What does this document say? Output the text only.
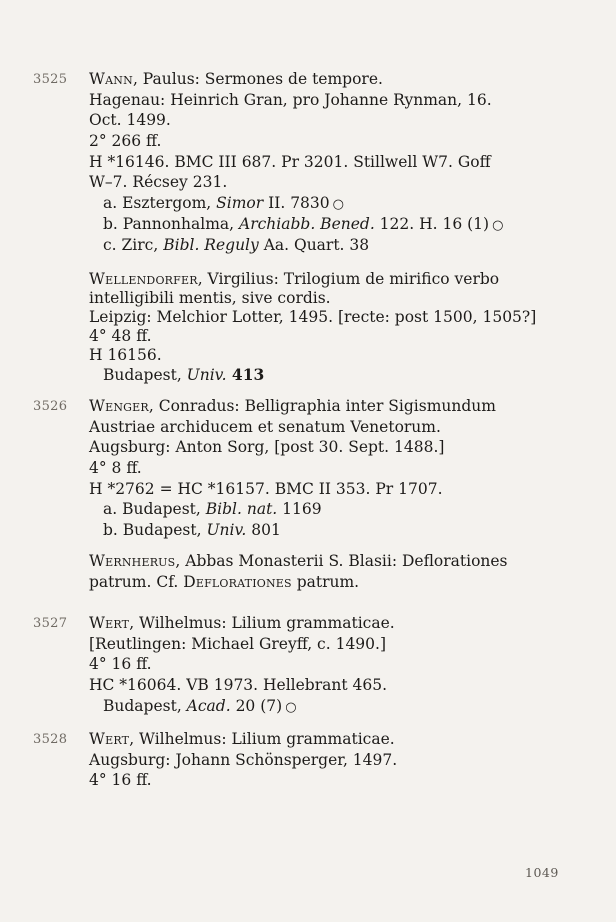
3525 Wann, Paulus: Sermones de tempore.
Hagenau: Heinrich Gran, pro Johanne Rynman, 16.
Oct. 1499.
2° 266 ff.
H *16146. BMC III 687. Pr 3201. Stillwell W7. Goff
W–7. Récsey 231.
a. Esztergom, Simor II. 7830 ○
b. Pannonhalma, Archiabb. Bened. 122. H. 16 (1) ○
c. Zirc, Bibl. Reguly Aa. Quart. 38
Wellendorfer, Virgilius: Trilogium de mirifico verbo
intelligibili mentis, sive cordis.
Leipzig: Melchior Lotter, 1495. [recte: post 1500, 1505?]
4° 48 ff.
H 16156.
Budapest, Univ. 413
3526 Wenger, Conradus: Belligraphia inter Sigismundum
Austriae archiducem et senatum Venetorum.
Augsburg: Anton Sorg, [post 30. Sept. 1488.]
4° 8 ff.
H *2762 = HC *16157. BMC II 353. Pr 1707.
a. Budapest, Bibl. nat. 1169
b. Budapest, Univ. 801
Wernherus, Abbas Monasterii S. Blasii: Deflorationes
patrum. Cf. Deflorationes patrum.
3527 Wert, Wilhelmus: Lilium grammaticae.
[Reutlingen: Michael Greyff, c. 1490.]
4° 16 ff.
HC *16064. VB 1973. Hellebrant 465.
Budapest, Acad. 20 (7) ○
3528 Wert, Wilhelmus: Lilium grammaticae.
Augsburg: Johann Schönsperger, 1497.
4° 16 ff.
1049
